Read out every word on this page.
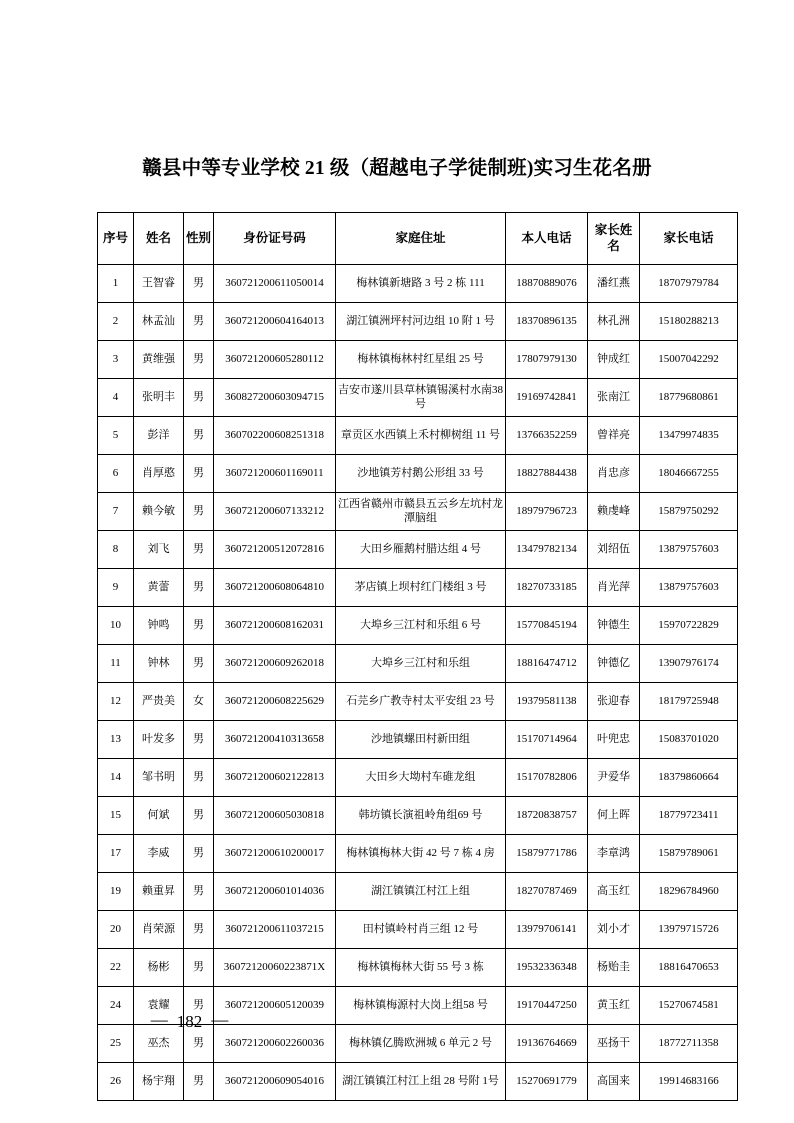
赣县中等专业学校 21 级（超越电子学徒制班)实习生花名册
序号	姓名	性别	身份证号码	家庭住址	本人电话	家长姓名	家长电话
1	王智睿	男	360721200611050014	梅林镇新塘路 3 号 2 栋 111	18870889076	潘红燕	18707979784
2	林孟汕	男	360721200604164013	湖江镇洲坪村河边组 10 附 1 号	18370896135	林孔洲	15180288213
3	黄维强	男	360721200605280112	梅林镇梅林村红星组 25 号	17807979130	钟成红	15007042292
4	张明丰	男	360827200603094715	吉安市遂川县草林镇锡溪村水南38 号	19169742841	张南江	18779680861
5	彭洋	男	360702200608251318	章贡区水西镇上禾村柳树组 11 号	13766352259	曾祥亮	13479974835
6	肖厚憨	男	360721200601169011	沙地镇芳村鹅公形组 33 号	18827884438	肖忠彦	18046667255
7	赖今敏	男	360721200607133212	江西省赣州市赣县五云乡左坑村龙潭脑组	18979796723	赖虔峰	15879750292
8	刘飞	男	360721200512072816	大田乡雁鹅村腊达组 4 号	13479782134	刘绍伍	13879757603
9	黄蕾	男	360721200608064810	茅店镇上坝村红门楼组 3 号	18270733185	肖光萍	13879757603
10	钟鸣	男	360721200608162031	大埠乡三江村和乐组 6 号	15770845194	钟德生	15970722829
11	钟林	男	360721200609262018	大埠乡三江村和乐组	18816474712	钟德亿	13907976174
12	严贵美	女	360721200608225629	石芫乡广教寺村太平安组 23 号	19379581138	张迎春	18179725948
13	叶发多	男	360721200410313658	沙地镇螺田村新田组	15170714964	叶兜忠	15083701020
14	邹书明	男	360721200602122813	大田乡大坳村车碓龙组	15170782806	尹爱华	18379860664
15	何斌	男	360721200605030818	韩坊镇长演祖岭角组69 号	18720838757	何上晖	18779723411
17	李威	男	360721200610200017	梅林镇梅林大街 42 号 7 栋 4 房	15879771786	李章鸿	15879789061
19	赖重昇	男	360721200601014036	湖江镇镇江村江上组	18270787469	高玉红	18296784960
20	肖荣源	男	360721200611037215	田村镇岭村肖三组 12 号	13979706141	刘小才	13979715726
22	杨彬	男	36072120060223871X	梅林镇梅林大街 55 号 3 栋	19532336348	杨贻圭	18816470653
24	袁耀	男	360721200605120039	梅林镇梅源村大岗上组58 号	19170447250	黄玉红	15270674581
25	巫杰	男	360721200602260036	梅林镇亿腾欧洲城 6 单元 2 号	19136764669	巫扬干	18772711358
26	杨宇翔	男	360721200609054016	湖江镇镇江村江上组 28 号附 1号	15270691779	高国来	19914683166
— 182 —
